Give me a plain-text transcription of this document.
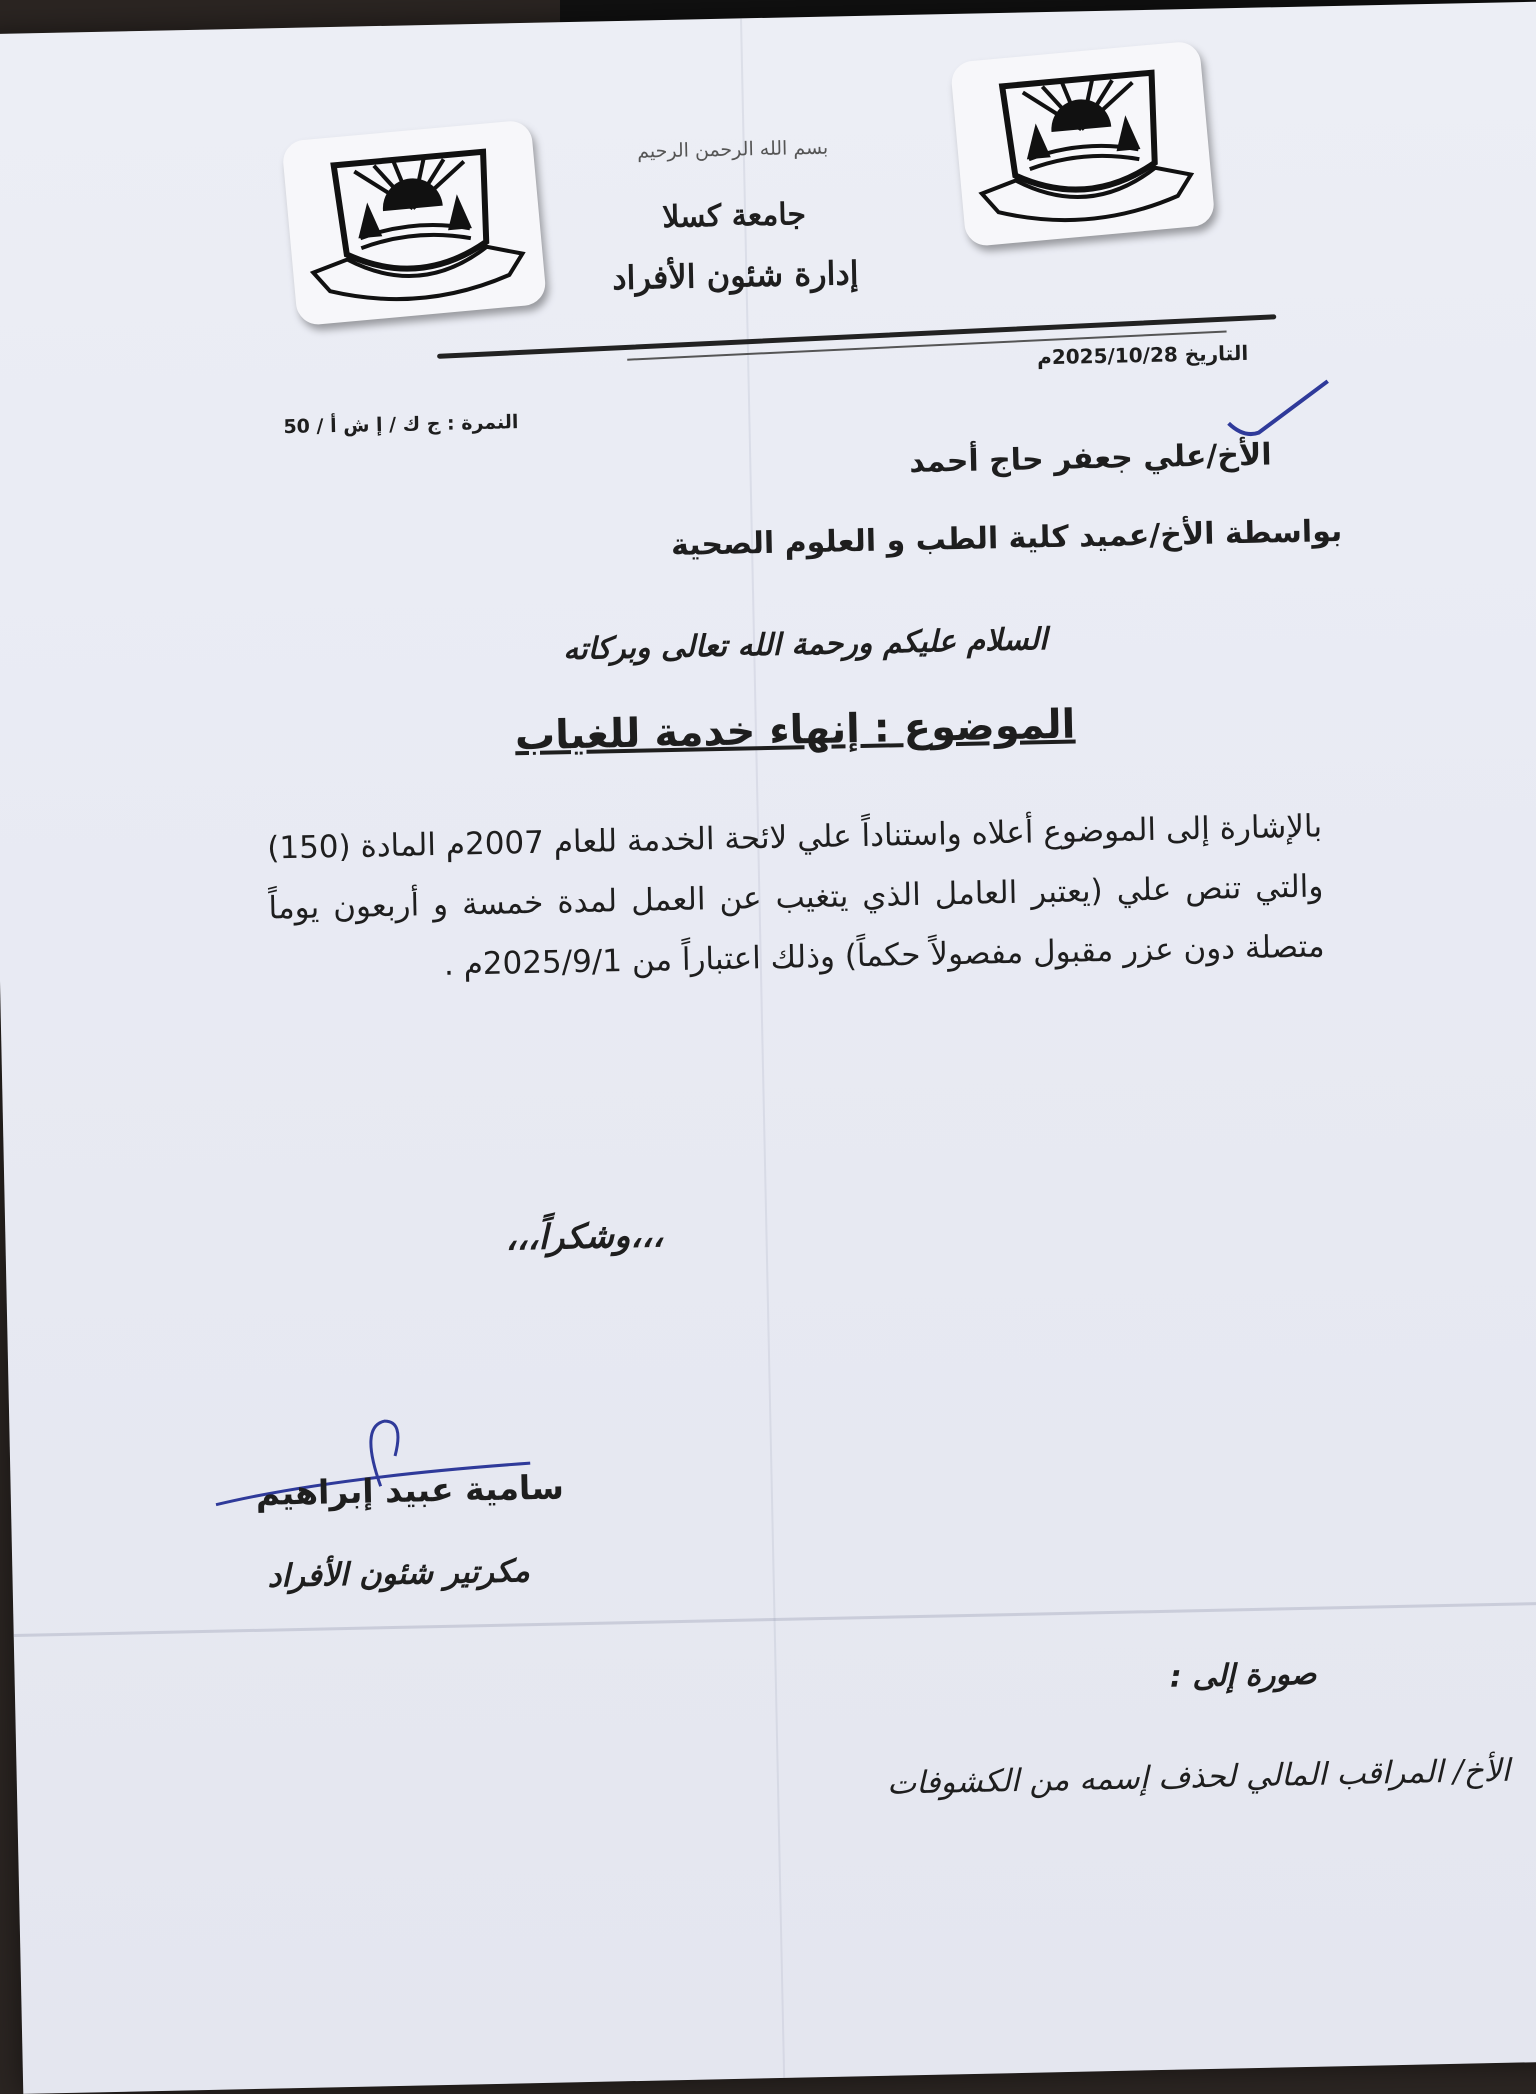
بسم الله الرحمن الرحيم
جامعة كسلا
إدارة شئون الأفراد
التاريخ 2025/10/28م
النمرة : ج ك / إ ش أ / 50
الأخ/علي جعفر حاج أحمد
بواسطة الأخ/عميد كلية الطب و العلوم الصحية
السلام عليكم ورحمة الله تعالى وبركاته
الموضوع : إنهاء خدمة للغياب
بالإشارة إلى الموضوع أعلاه واستناداً علي لائحة الخدمة للعام 2007م المادة (150) والتي تنص علي (يعتبر العامل الذي يتغيب عن العمل لمدة خمسة و أربعون يوماً متصلة دون عزر مقبول مفصولاً حكماً) وذلك اعتباراً من 2025/9/1م .
،،،وشكراً،،،
سامية عبيد إبراهيم
مكرتير شئون الأفراد
صورة إلى :
الأخ/ المراقب المالي لحذف إسمه من الكشوفات
